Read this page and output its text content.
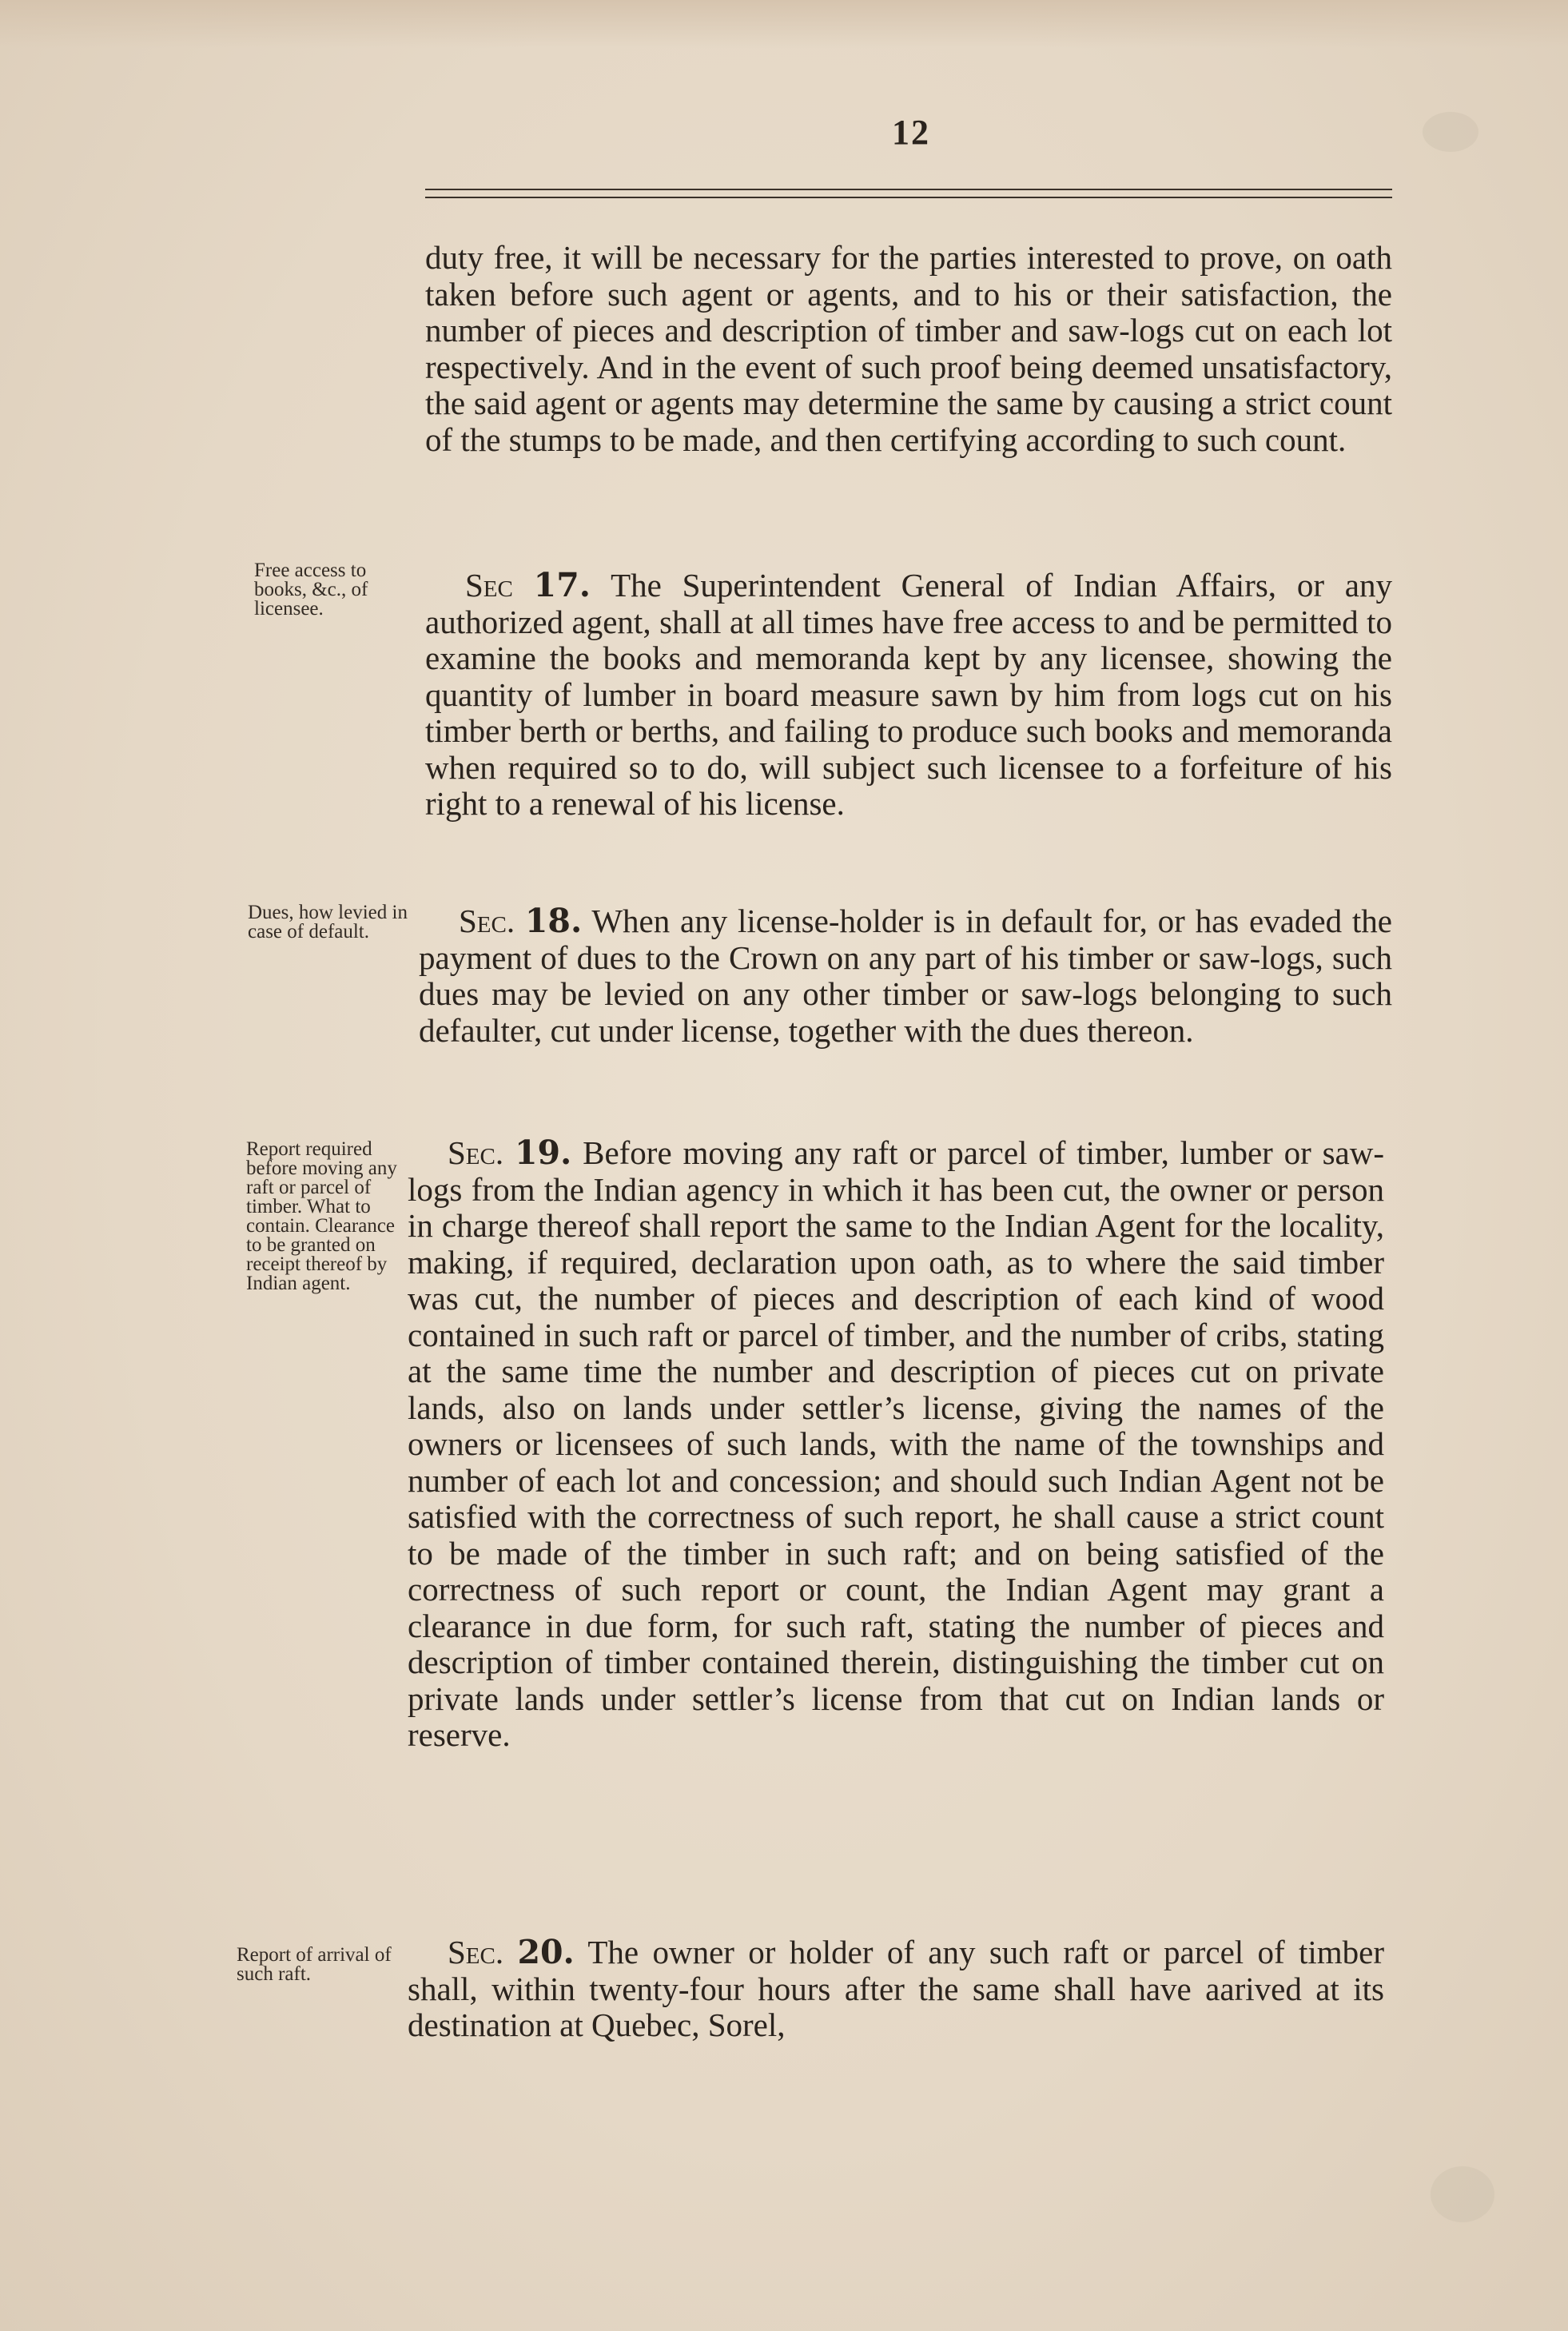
12
duty free, it will be necessary for the parties interested to prove, on oath taken before such agent or agents, and to his or their satisfaction, the number of pieces and description of timber and saw-logs cut on each lot respectively. And in the event of such proof being deemed unsatisfactory, the said agent or agents may determine the same by causing a strict count of the stumps to be made, and then certifying according to such count.
Free access to books, &c., of licensee.
Sec 17. The Superintendent General of Indian Affairs, or any authorized agent, shall at all times have free access to and be permitted to examine the books and memoranda kept by any licensee, showing the quantity of lumber in board measure sawn by him from logs cut on his timber berth or berths, and failing to produce such books and memoranda when required so to do, will subject such licensee to a forfeiture of his right to a renewal of his license.
Dues, how levied in case of default.	Sec. 18. When any license-holder is in default for, or has evaded the payment of dues to the Crown on any part of his timber or saw-logs, such dues may be levied on any other timber or saw-logs belonging to such defaulter, cut under license, together with the dues thereon.
Report required before moving any raft or parcel of timber. What to contain. Clearance to be granted on receipt thereof by Indian agent.
Sec. 19. Before moving any raft or parcel of timber, lumber or saw-logs from the Indian agency in which it has been cut, the owner or person in charge thereof shall report the same to the Indian Agent for the locality, making, if required, declaration upon oath, as to where the said timber was cut, the number of pieces and description of each kind of wood contained in such raft or parcel of timber, and the number of cribs, stating at the same time the number and description of pieces cut on private lands, also on lands under settler’s license, giving the names of the owners or licensees of such lands, with the name of the townships and number of each lot and concession; and should such Indian Agent not be satisfied with the correctness of such report, he shall cause a strict count to be made of the timber in such raft; and on being satisfied of the correctness of such report or count, the Indian Agent may grant a clearance in due form, for such raft, stating the number of pieces and description of timber contained therein, distinguishing the timber cut on private lands under settler’s license from that cut on Indian lands or reserve.
Report of arrival of such raft.
Sec. 20. The owner or holder of any such raft or parcel of timber shall, within twenty-four hours after the same shall have aarived at its destination at Quebec, Sorel,
